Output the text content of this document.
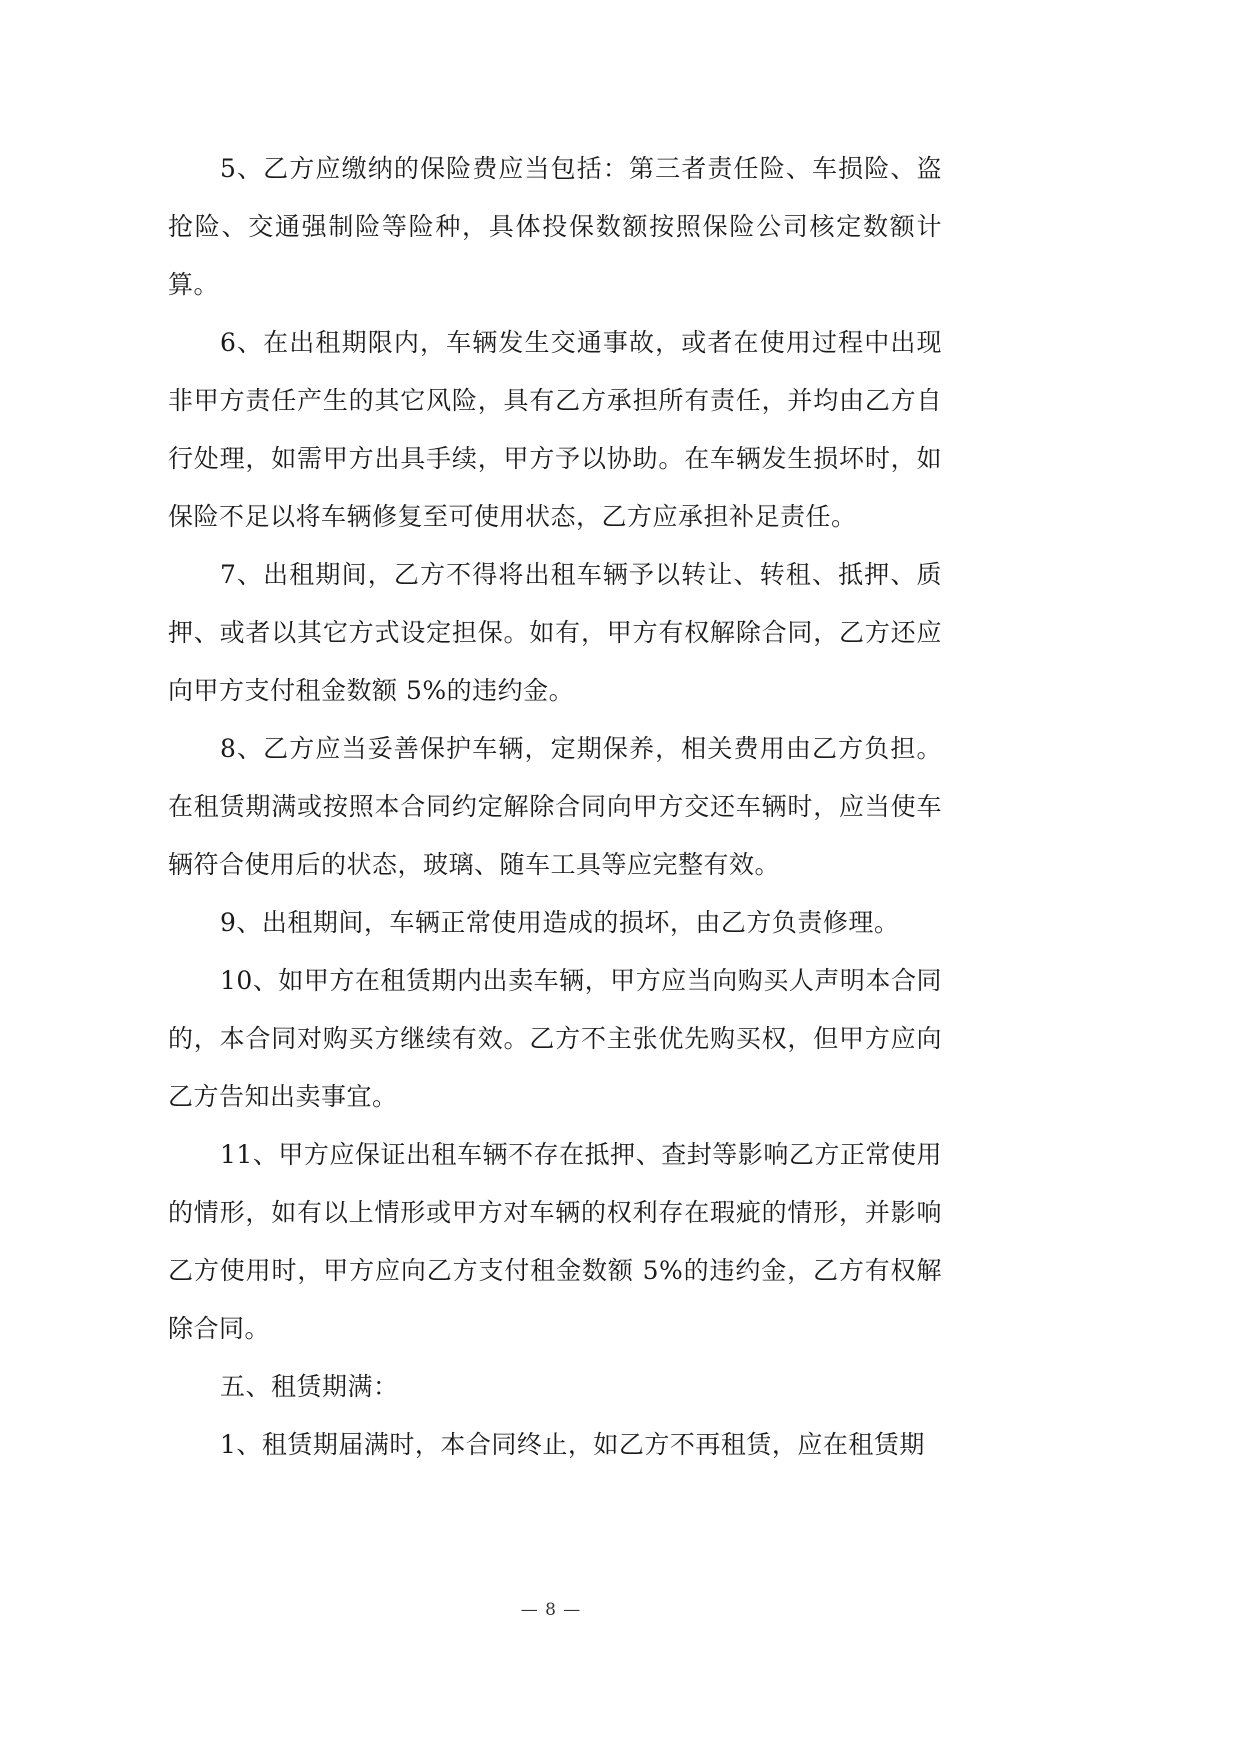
5、乙方应缴纳的保险费应当包括：第三者责任险、车损险、盗抢险、交通强制险等险种，具体投保数额按照保险公司核定数额计算。

6、在出租期限内，车辆发生交通事故，或者在使用过程中出现非甲方责任产生的其它风险，具有乙方承担所有责任，并均由乙方自行处理，如需甲方出具手续，甲方予以协助。在车辆发生损坏时，如保险不足以将车辆修复至可使用状态，乙方应承担补足责任。

7、出租期间，乙方不得将出租车辆予以转让、转租、抵押、质押、或者以其它方式设定担保。如有，甲方有权解除合同，乙方还应向甲方支付租金数额 5%的违约金。

8、乙方应当妥善保护车辆，定期保养，相关费用由乙方负担。在租赁期满或按照本合同约定解除合同向甲方交还车辆时，应当使车辆符合使用后的状态，玻璃、随车工具等应完整有效。

9、出租期间，车辆正常使用造成的损坏，由乙方负责修理。

10、如甲方在租赁期内出卖车辆，甲方应当向购买人声明本合同的，本合同对购买方继续有效。乙方不主张优先购买权，但甲方应向乙方告知出卖事宜。

11、甲方应保证出租车辆不存在抵押、查封等影响乙方正常使用的情形，如有以上情形或甲方对车辆的权利存在瑕疵的情形，并影响乙方使用时，甲方应向乙方支付租金数额 5%的违约金，乙方有权解除合同。

五、租赁期满：

1、租赁期届满时，本合同终止，如乙方不再租赁，应在租赁期

— 8 —
